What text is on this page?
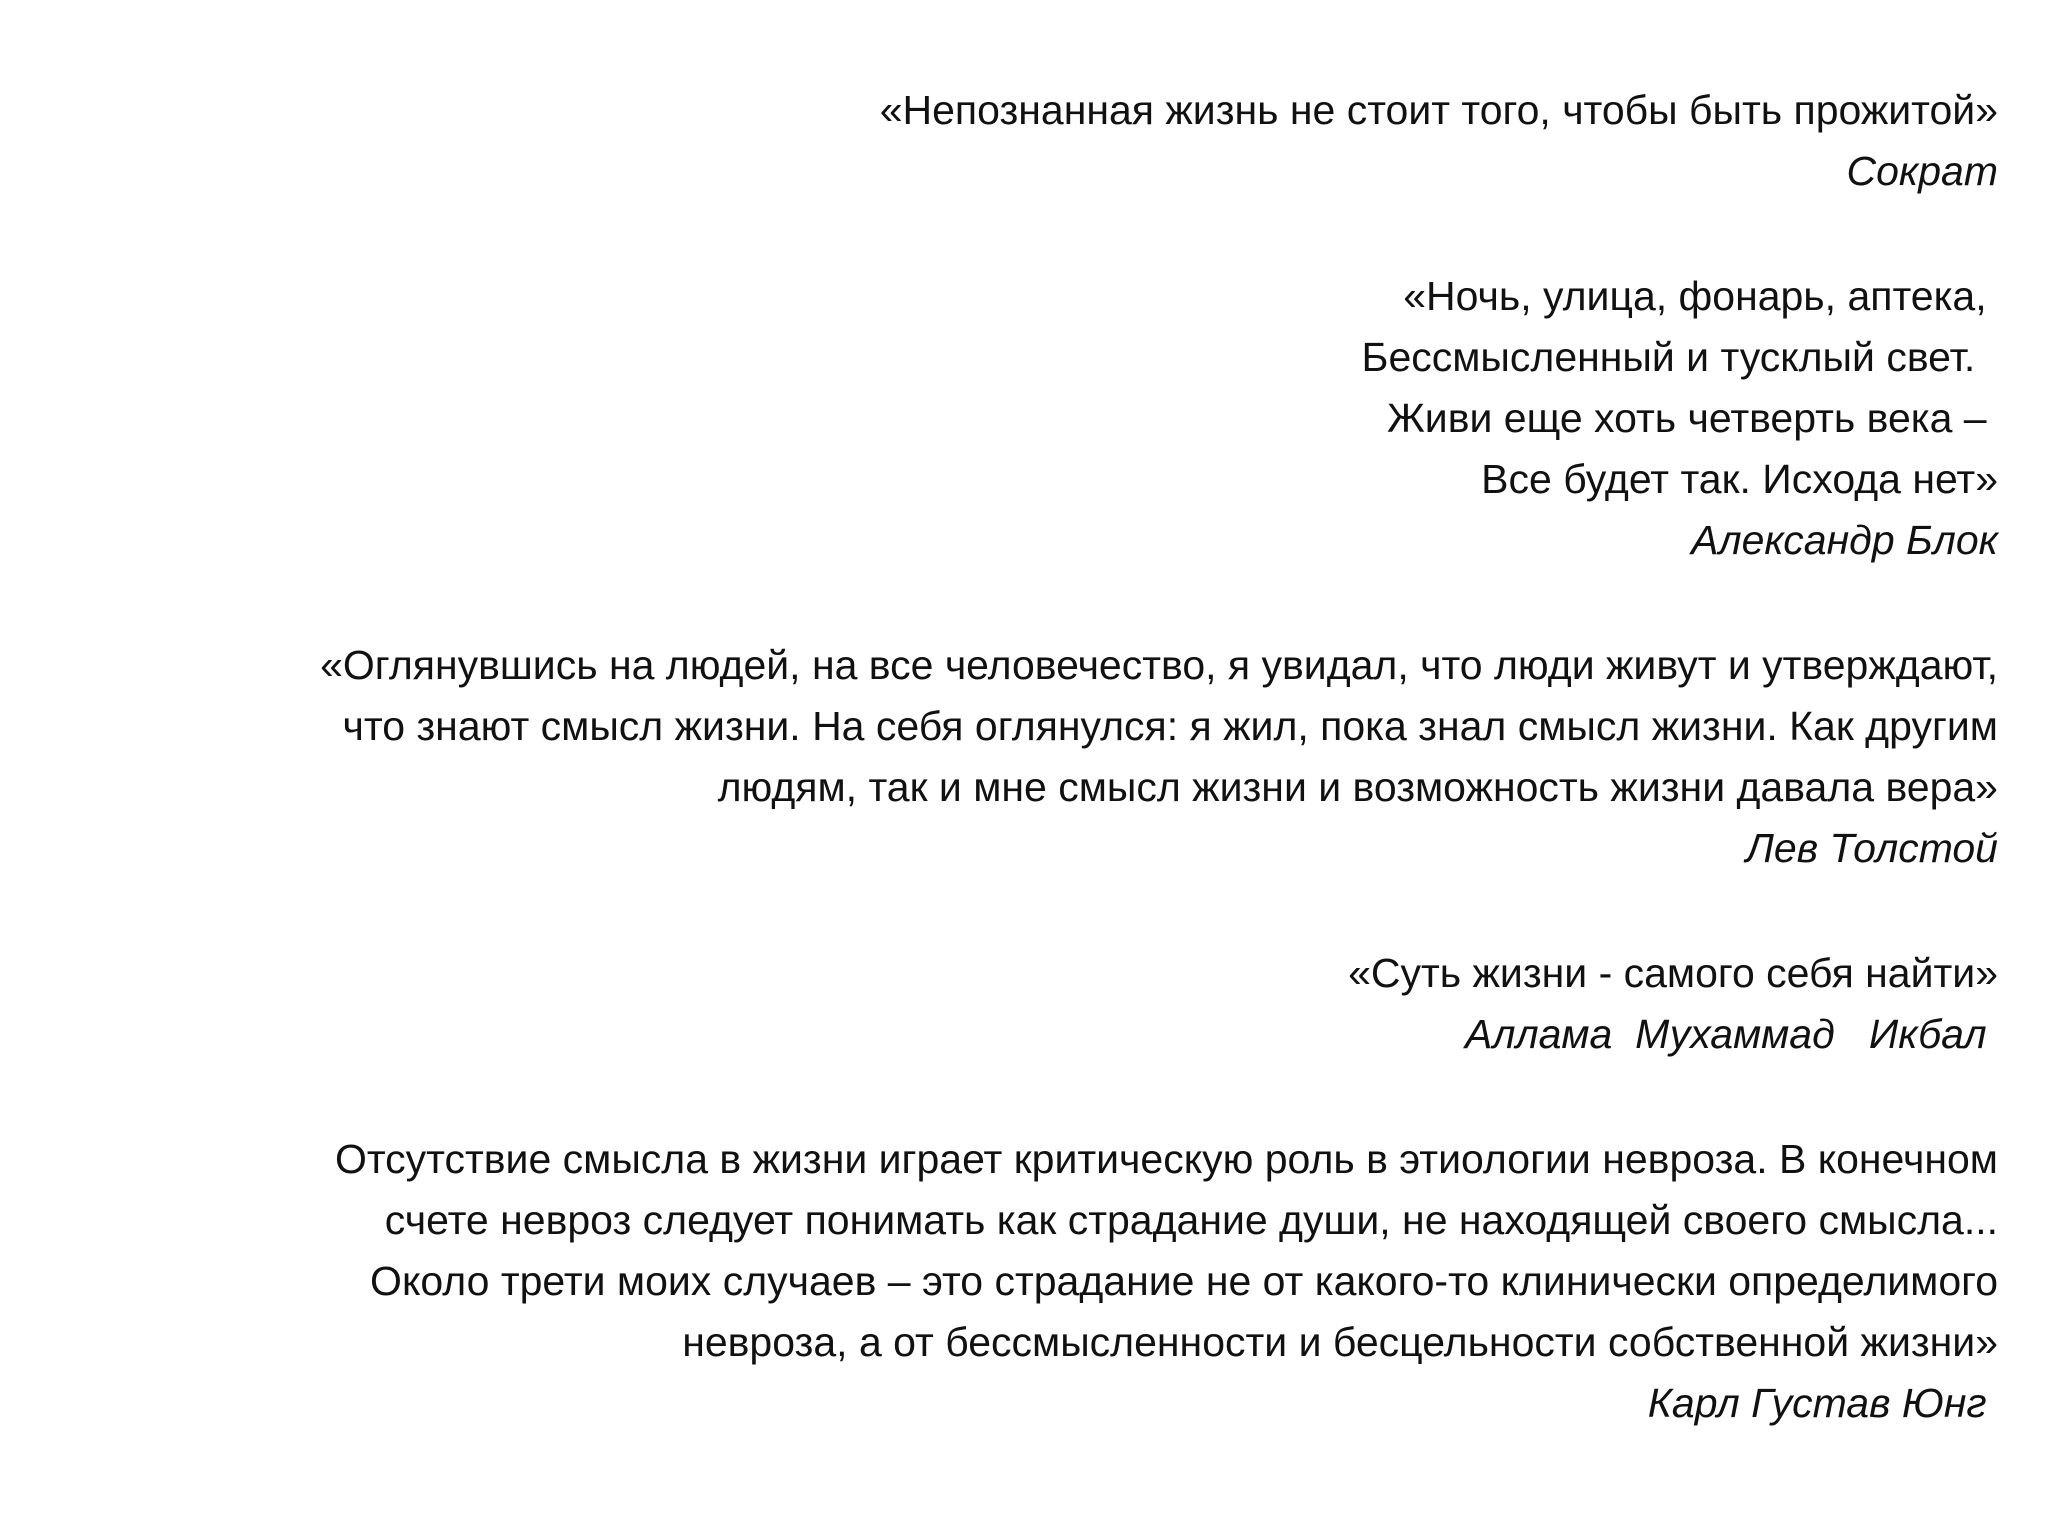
«Непознанная жизнь не стоит того, чтобы быть прожитой»
Сократ
«Ночь, улица, фонарь, аптека,
Бессмысленный и тусклый свет.
Живи еще хоть четверть века –
Все будет так. Исхода нет»
Александр Блок
«Оглянувшись на людей, на все человечество, я увидал, что люди живут и утверждают,
что знают смысл жизни. На себя оглянулся: я жил, пока знал смысл жизни. Как другим
людям, так и мне смысл жизни и возможность жизни давала вера»
Лев Толстой
«Суть жизни - самого себя найти»
Аллама  Мухаммад   Икбал
Отсутствие смысла в жизни играет критическую роль в этиологии невроза. В конечном
счете невроз следует понимать как страдание души, не находящей своего смысла...
Около трети моих случаев – это страдание не от какого-то клинически определимого
невроза, а от бессмысленности и бесцельности собственной жизни»
Карл Густав Юнг
